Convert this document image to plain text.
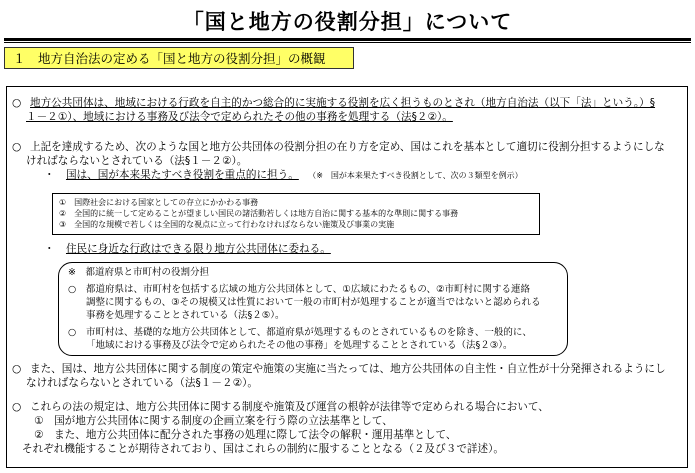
「国と地方の役割分担」について
１　地方自治法の定める「国と地方の役割分担」の概観
○ 地方公共団体は、地域における行政を自主的かつ総合的に実施する役割を広く担うものとされ（地方自治法（以下「法」という。）§
１－２①）、地域における事務及び法令で定められたその他の事務を処理する（法§２②）。
○ 上記を達成するため、次のような国と地方公共団体の役割分担の在り方を定め、国はこれを基本として適切に役割分担するようにしな
ければならないとされている（法§１－２②）。
・ 国は、国が本来果たすべき役割を重点的に担う。 （※　国が本来果たすべき役割として、次の３類型を例示）
①　国際社会における国家としての存立にかかわる事務
②　全国的に統一して定めることが望ましい国民の諸活動若しくは地方自治に関する基本的な準則に関する事務
③　全国的な規模で若しくは全国的な視点に立って行わなければならない施策及び事業の実施
・ 住民に身近な行政はできる限り地方公共団体に委ねる。
※　都道府県と市町村の役割分担
○ 都道府県は、市町村を包括する広域の地方公共団体として、①広域にわたるもの、②市町村に関する連絡
調整に関するもの、③その規模又は性質において一般の市町村が処理することが適当ではないと認められる
事務を処理することとされている（法§２⑤）。
○ 市町村は、基礎的な地方公共団体として、都道府県が処理するものとされているものを除き、一般的に、
「地域における事務及び法令で定められたその他の事務」を処理することとされている（法§２③）。
○ また、国は、地方公共団体に関する制度の策定や施策の実施に当たっては、地方公共団体の自主性・自立性が十分発揮されるようにし
なければならないとされている（法§１－２②）。
○ これらの法の規定は、地方公共団体に関する制度や施策及び運営の根幹が法律等で定められる場合において、
①　国が地方公共団体に関する制度の企画立案を行う際の立法基準として、
②　また、地方公共団体に配分された事務の処理に際して法令の解釈・運用基準として、
それぞれ機能することが期待されており、国はこれらの制約に服することとなる（２及び３で詳述）。
